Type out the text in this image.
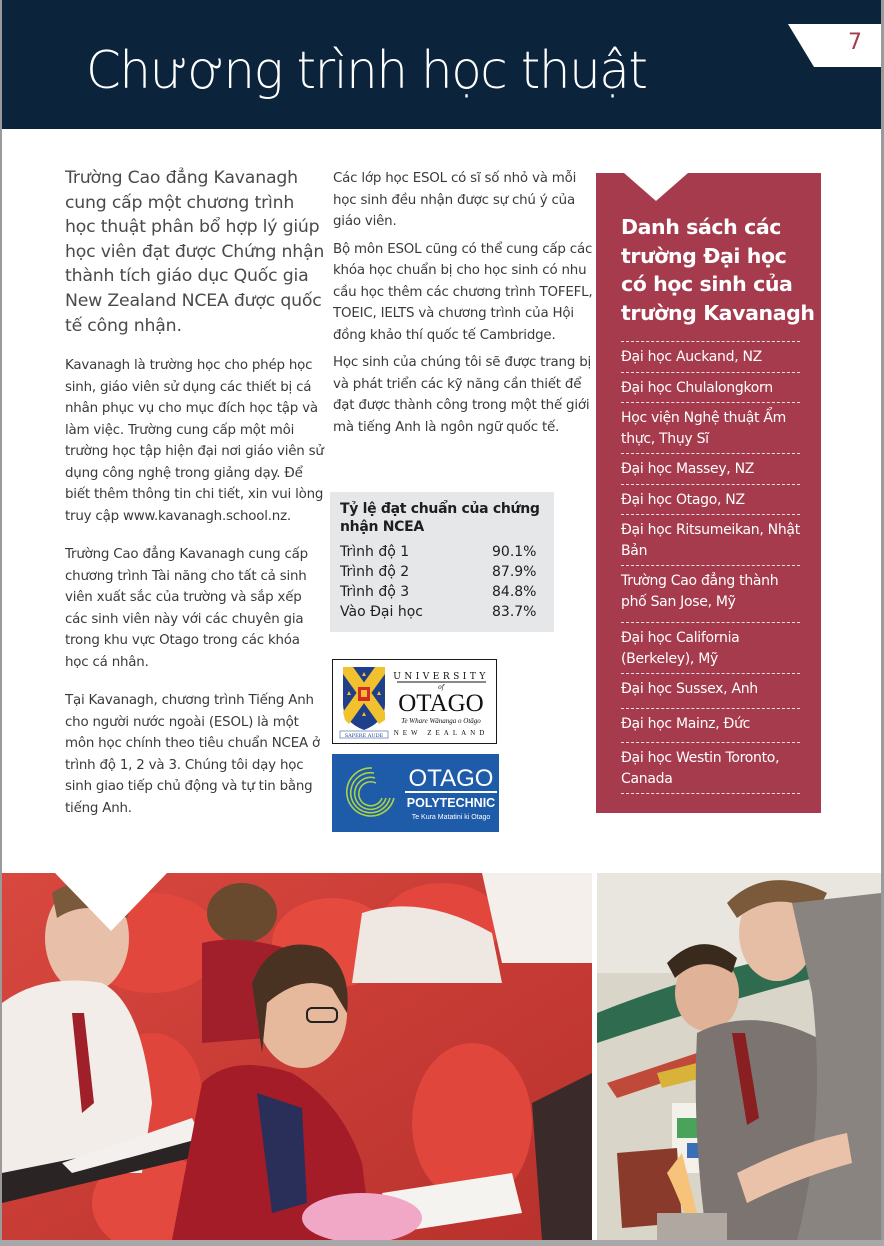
Chương trình học thuật	7

Trường Cao đẳng Kavanagh cung cấp một chương trình học thuật phân bổ hợp lý giúp học viên đạt được Chứng nhận thành tích giáo dục Quốc gia New Zealand NCEA được quốc tế công nhận.

Kavanagh là trường học cho phép học sinh, giáo viên sử dụng các thiết bị cá nhân phục vụ cho mục đích học tập và làm việc. Trường cung cấp một môi trường học tập hiện đại nơi giáo viên sử dụng công nghệ trong giảng dạy. Để biết thêm thông tin chi tiết, xin vui lòng truy cập www.kavanagh.school.nz.

Trường Cao đẳng Kavanagh cung cấp chương trình Tài năng cho tất cả sinh viên xuất sắc của trường và sắp xếp các sinh viên này với các chuyên gia trong khu vực Otago trong các khóa học cá nhân.

Tại Kavanagh, chương trình Tiếng Anh cho người nước ngoài (ESOL) là một môn học chính theo tiêu chuẩn NCEA ở trình độ 1, 2 và 3. Chúng tôi dạy học sinh giao tiếp chủ động và tự tin bằng tiếng Anh.

Các lớp học ESOL có sĩ số nhỏ và mỗi học sinh đều nhận được sự chú ý của giáo viên.

Bộ môn ESOL cũng có thể cung cấp các khóa học chuẩn bị cho học sinh có nhu cầu học thêm các chương trình TOFEFL, TOEIC, IELTS và chương trình của Hội đồng khảo thí quốc tế Cambridge.

Học sinh của chúng tôi sẽ được trang bị và phát triển các kỹ năng cần thiết để đạt được thành công trong một thế giới mà tiếng Anh là ngôn ngữ quốc tế.

Tỷ lệ đạt chuẩn của chứng nhận NCEA
Trình độ 1	90.1%
Trình độ 2	87.9%
Trình độ 3	84.8%
Vào Đại học	83.7%
SAPERE AUDE
UNIVERSITY
of
OTAGO
Te Whare Wānanga o Otāgo
NEW ZEALAND
OTAGO
POLYTECHNIC
Te Kura Matatini ki Otago
Danh sách các trường Đại học có học sinh của trường Kavanagh
Đại học Auckand, NZ
Đại học Chulalongkorn
Học viện Nghệ thuật Ẩm thực, Thụy Sĩ
Đại học Massey, NZ
Đại học Otago, NZ
Đại học Ritsumeikan, Nhật Bản
Trường Cao đẳng thành phố San Jose, Mỹ
Đại học California (Berkeley), Mỹ
Đại học Sussex, Anh
Đại học Mainz, Đức
Đại học Westin Toronto, Canada
